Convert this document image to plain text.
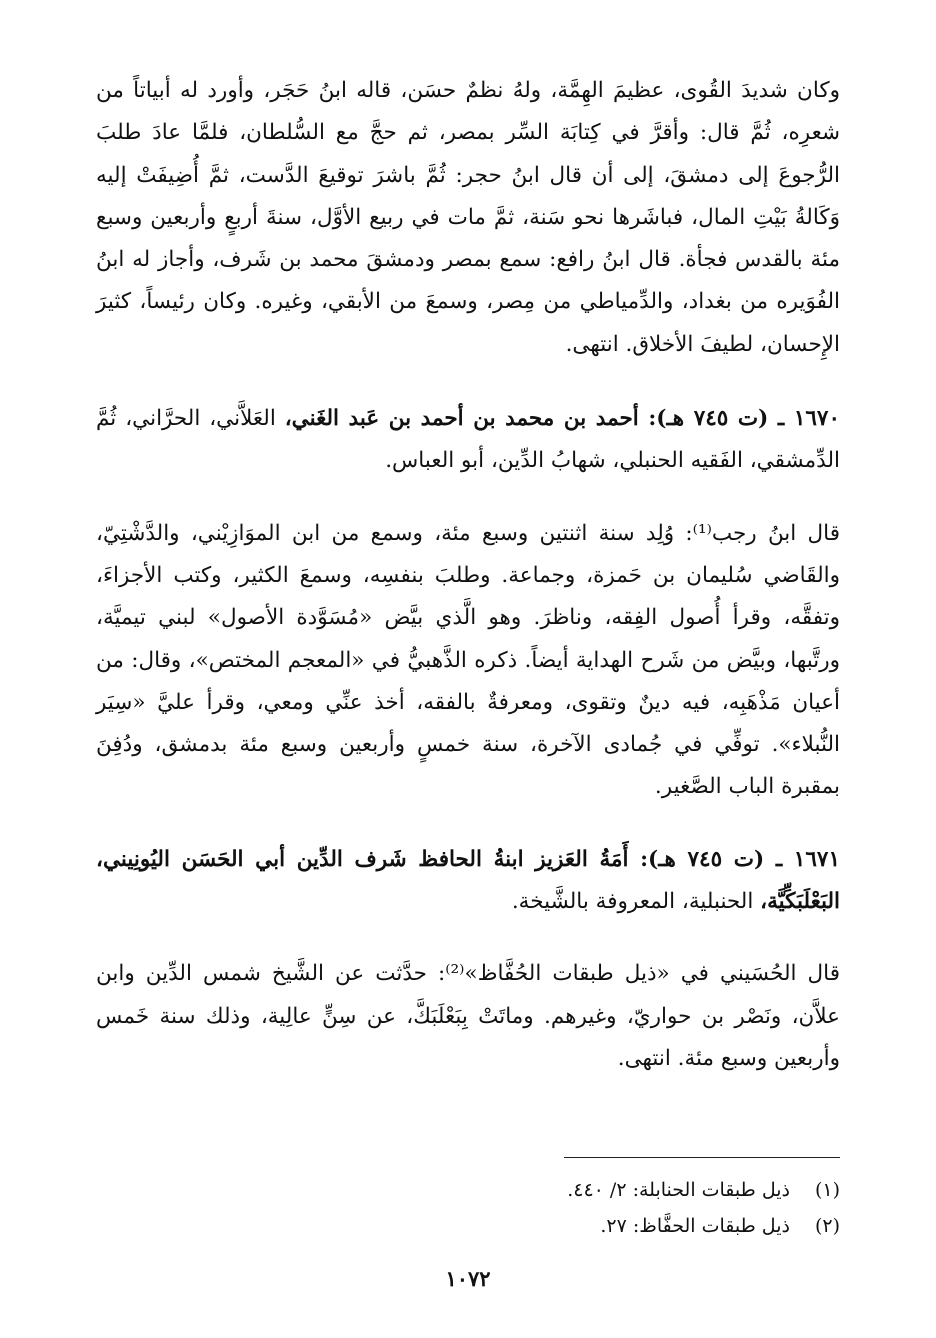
وكان شديدَ القُوى، عظيمَ الهِمَّة، ولهُ نظمٌ حسَن، قاله ابنُ حَجَر، وأورد له أبياتاً من شعرِه، ثُمَّ قال: وأقرَّ في كِتابَة السِّر بمصر، ثم حجَّ مع السُّلطان، فلمَّا عادَ طلبَ الرُّجوعَ إلى دمشقَ، إلى أن قال ابنُ حجر: ثُمَّ باشرَ توقيعَ الدَّست، ثمَّ أُضِيفَتْ إليه وَكَالةُ بَيْتِ المال، فباشَرها نحو سَنة، ثمَّ مات في ربيع الأوَّل، سنةَ أربعٍ وأربعين وسبع مئة بالقدس فجأة. قال ابنُ رافع: سمع بمصر ودمشقَ محمد بن شَرف، وأجاز له ابنُ الفُوَيره من بغداد، والدِّمياطي من مِصر، وسمعَ من الأبقي، وغيره. وكان رئيساً، كثيرَ الإِحسان، لطيفَ الأخلاق. انتهى.

١٦٧٠ ـ (ت ٧٤٥ هـ): أحمد بن محمد بن أحمد بن عَبد الغَني، العَلاَّني، الحرَّاني، ثُمَّ الدِّمشقي، الفَقيه الحنبلي، شهابُ الدِّين، أبو العباس.

قال ابنُ رجب⁽¹⁾: وُلِد سنة اثنتين وسبع مئة، وسمع من ابن الموَازِيْني، والدَّشْتِيّ، والقَاضي سُليمان بن حَمزة، وجماعة. وطلبَ بنفسِه، وسمعَ الكثير، وكتب الأجزاءَ، وتفقَّه، وقرأ أُصول الفِقه، وناظرَ. وهو الَّذي بيَّض «مُسَوَّدة الأصول» لبني تيميَّة، ورتَّبها، وبيَّض من شَرح الهداية أيضاً. ذكره الذَّهبيُّ في «المعجم المختص»، وقال: من أعيان مَذْهَبِه، فيه دينٌ وتقوى، ومعرفةٌ بالفقه، أخذ عنِّي ومعي، وقرأ عليَّ «سِيَر النُّبلاء». توفِّي في جُمادى الآخرة، سنة خمسٍ وأربعين وسبع مئة بدمشق، ودُفِنَ بمقبرة الباب الصَّغير.

١٦٧١ ـ (ت ٧٤٥ هـ): أَمَةُ العَزيز ابنةُ الحافظ شَرف الدِّين أبي الحَسَن اليُونِيني، البَعْلَبَكِّيَّة، الحنبلية، المعروفة بالشَّيخة.

قال الحُسَيني في «ذيل طبقات الحُفَّاظ»⁽²⁾: حدَّثت عن الشَّيخ شمس الدِّين وابن علاَّن، ونَصْر بن حواريّ، وغيرهم. وماتَتْ بِبَعْلَبَكَّ، عن سِنٍّ عالِية، وذلك سنة خَمس وأربعين وسبع مئة. انتهى.

(١) ذيل طبقات الحنابلة: ٢/ ٤٤٠.

(٢) ذيل طبقات الحفَّاظ: ٢٧.

١٠٧٢
